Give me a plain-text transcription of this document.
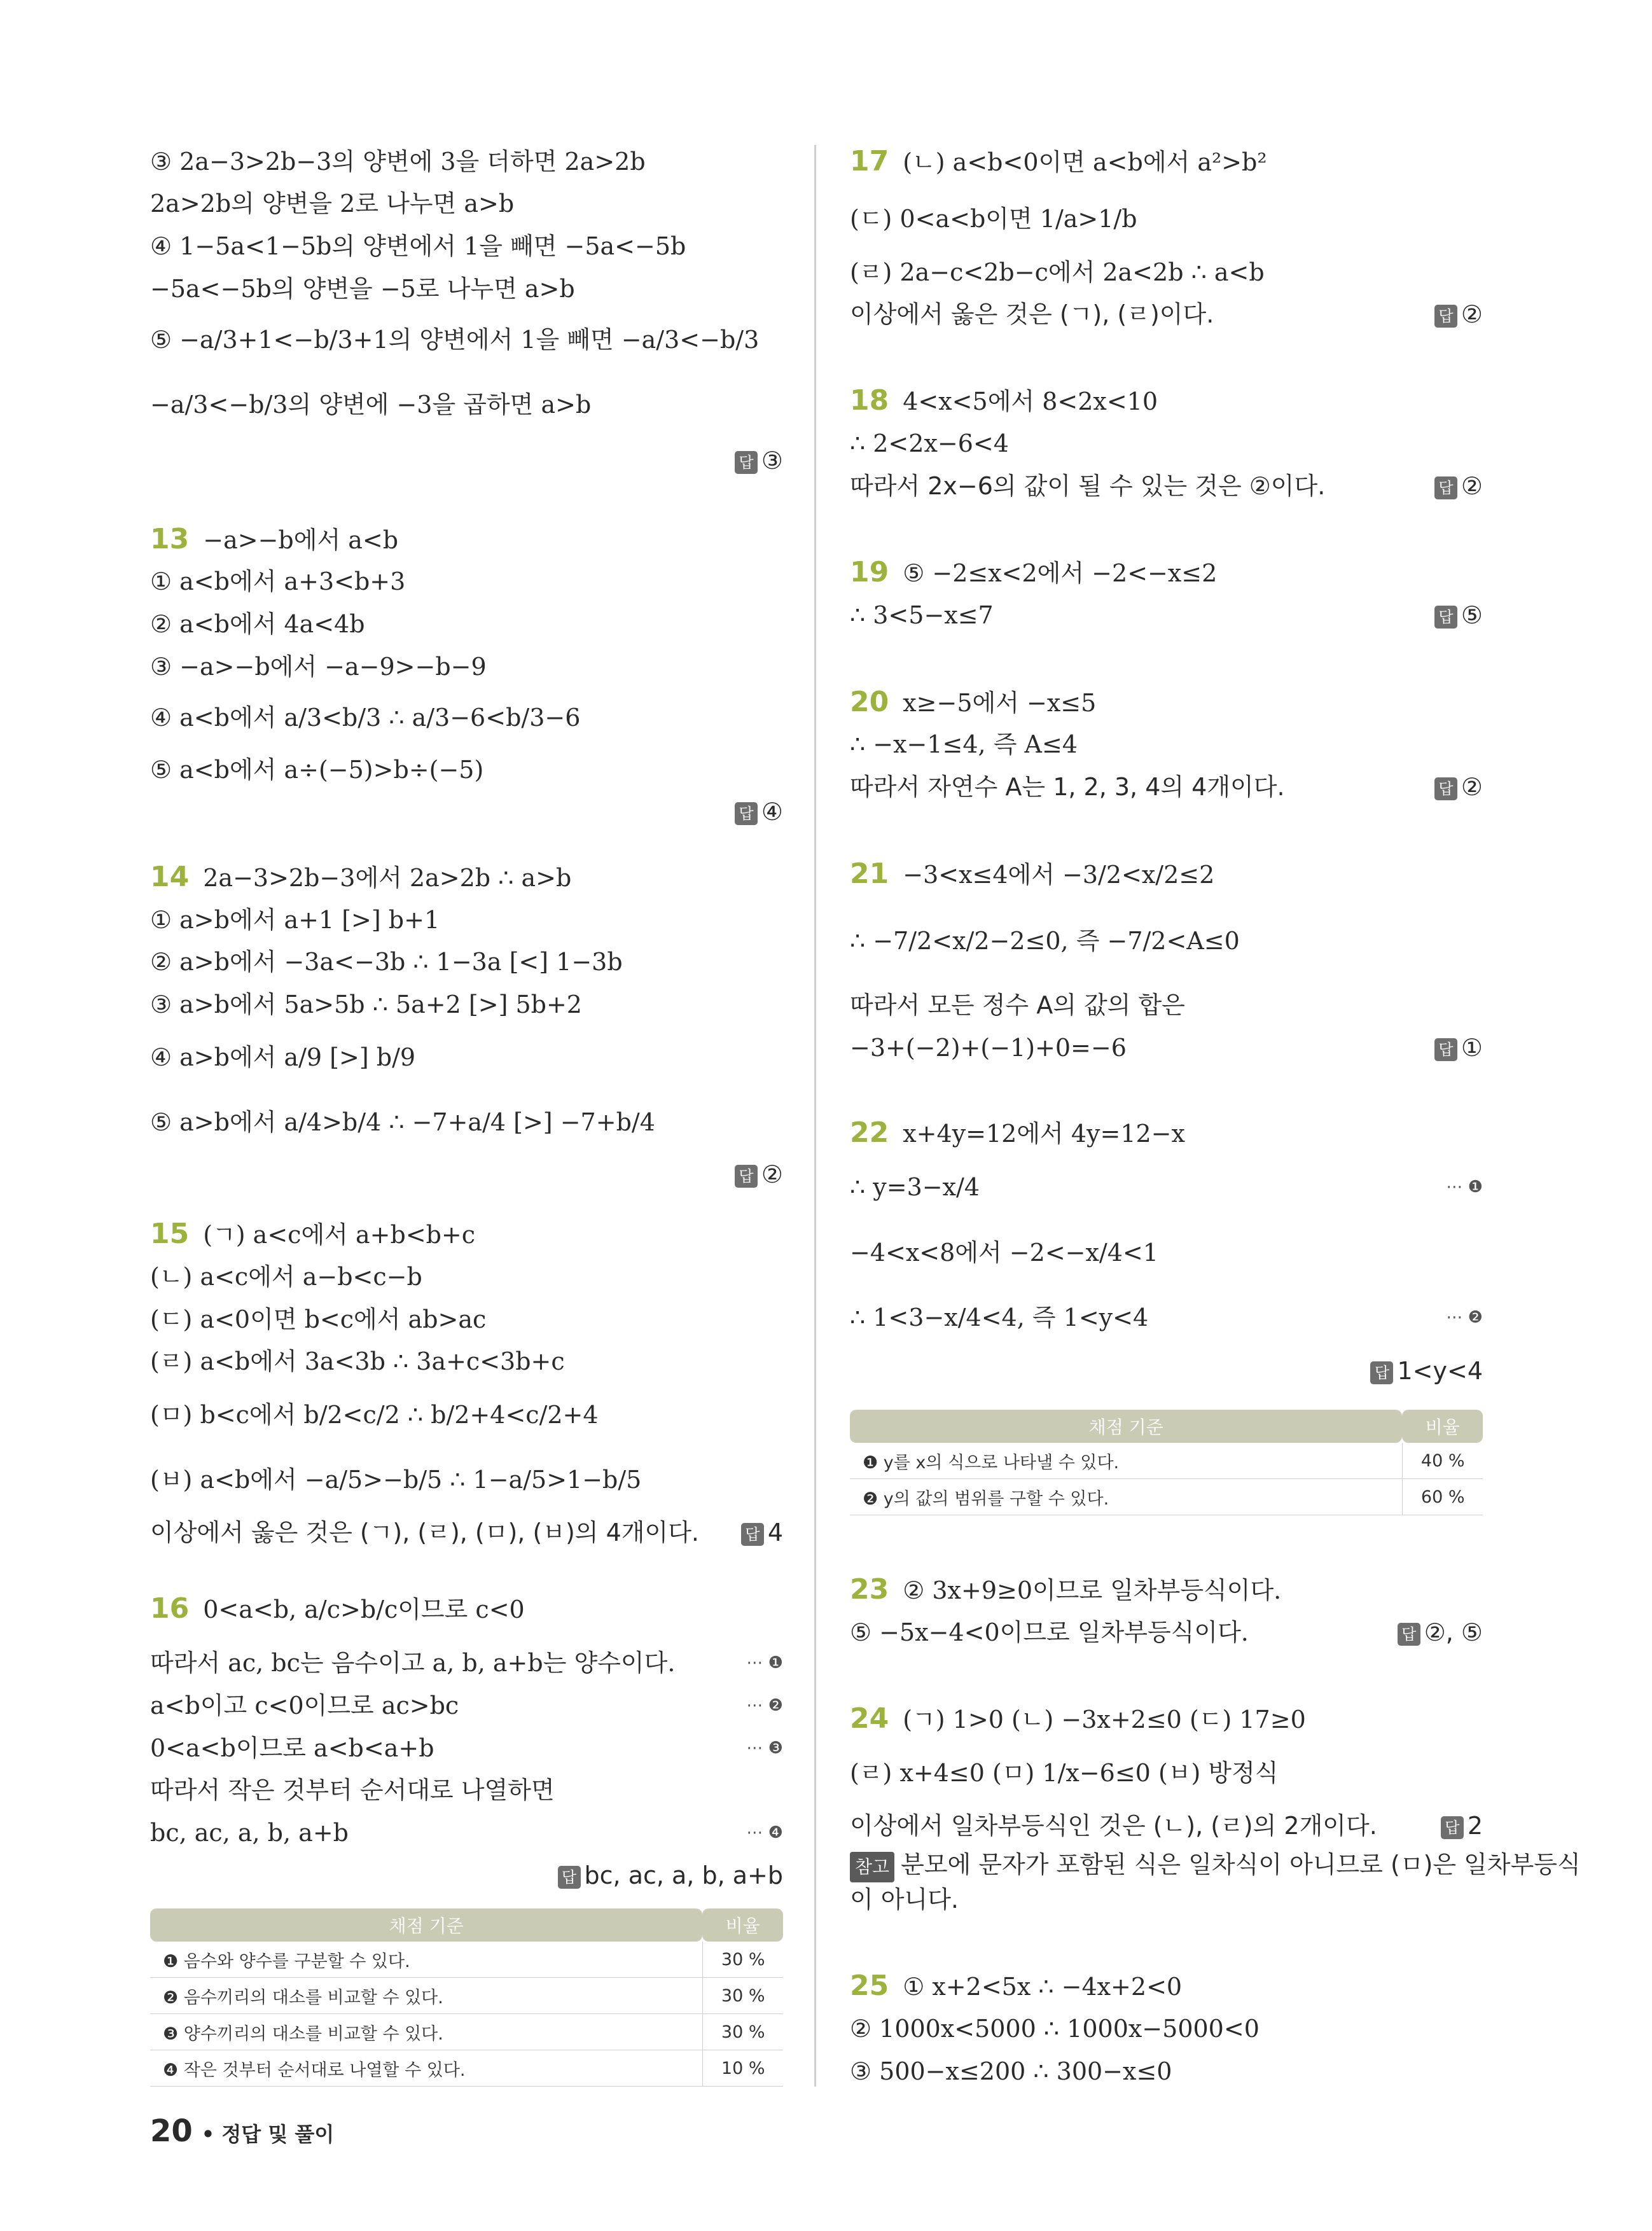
③ 2a−3>2b−3의 양변에 3을 더하면 2a>2b
2a>2b의 양변을 2로 나누면 a>b
④ 1−5a<1−5b의 양변에서 1을 빼면 −5a<−5b
−5a<−5b의 양변을 −5로 나누면 a>b
⑤ −a/3+1<−b/3+1의 양변에서 1을 빼면 −a/3<−b/3
−a/3<−b/3의 양변에 −3을 곱하면 a>b
13 −a>−b에서 a<b
① a<b에서 a+3<b+3
② a<b에서 4a<4b
③ −a>−b에서 −a−9>−b−9
④ a<b에서 a/3<b/3 ∴ a/3−6<b/3−6
⑤ a<b에서 a÷(−5)>b÷(−5)
14 2a−3>2b−3에서 2a>2b ∴ a>b
① a>b에서 a+1 [>] b+1
② a>b에서 −3a<−3b ∴ 1−3a [<] 1−3b
③ a>b에서 5a>5b ∴ 5a+2 [>] 5b+2
④ a>b에서 a/9 [>] b/9
⑤ a>b에서 a/4>b/4 ∴ −7+a/4 [>] −7+b/4
15 (ㄱ) a<c에서 a+b<b+c
(ㄴ) a<c에서 a−b<c−b
(ㄷ) a<0이면 b<c에서 ab>ac
(ㄹ) a<b에서 3a<3b ∴ 3a+c<3b+c
(ㅁ) b<c에서 b/2<c/2 ∴ b/2+4<c/2+4
(ㅂ) a<b에서 −a/5>−b/5 ∴ 1−a/5>1−b/5
이상에서 옳은 것은 (ㄱ), (ㄹ), (ㅁ), (ㅂ)의 4개이다.
16 0<a<b, a/c>b/c이므로 c<0
따라서 ac, bc는 음수이고 a, b, a+b는 양수이다.	⋯ ❶
a<b이고 c<0이므로 ac>bc	⋯ ❷
0<a<b이므로 a<b<a+b	⋯ ❸
따라서 작은 것부터 순서대로 나열하면
bc, ac, a, b, a+b	⋯ ❹
답 ③
답 ④
답 ②
답 4
답 bc, ac, a, b, a+b
채점 기준	비율
❶ 음수와 양수를 구분할 수 있다.	30 %
❷ 음수끼리의 대소를 비교할 수 있다.	30 %
❸ 양수끼리의 대소를 비교할 수 있다.	30 %
❹ 작은 것부터 순서대로 나열할 수 있다.	10 %
17 (ㄴ) a<b<0이면 a<b에서 a²>b²
(ㄷ) 0<a<b이면 1/a>1/b
(ㄹ) 2a−c<2b−c에서 2a<2b ∴ a<b
이상에서 옳은 것은 (ㄱ), (ㄹ)이다.
18 4<x<5에서 8<2x<10
∴ 2<2x−6<4
따라서 2x−6의 값이 될 수 있는 것은 ②이다.
19 ⑤ −2≤x<2에서 −2<−x≤2
∴ 3<5−x≤7
20 x≥−5에서 −x≤5
∴ −x−1≤4, 즉 A≤4
따라서 자연수 A는 1, 2, 3, 4의 4개이다.
21 −3<x≤4에서 −3/2<x/2≤2
∴ −7/2<x/2−2≤0, 즉 −7/2<A≤0
따라서 모든 정수 A의 값의 합은
−3+(−2)+(−1)+0=−6
22 x+4y=12에서 4y=12−x
∴ y=3−x/4	⋯ ❶
−4<x<8에서 −2<−x/4<1
∴ 1<3−x/4<4, 즉 1<y<4	⋯ ❷
23 ② 3x+9≥0이므로 일차부등식이다.
⑤ −5x−4<0이므로 일차부등식이다.
24 (ㄱ) 1>0 (ㄴ) −3x+2≤0 (ㄷ) 17≥0
(ㄹ) x+4≤0 (ㅁ) 1/x−6≤0 (ㅂ) 방정식
이상에서 일차부등식인 것은 (ㄴ), (ㄹ)의 2개이다.
참고 분모에 문자가 포함된 식은 일차식이 아니므로 (ㅁ)은 일차부등식
이 아니다.
25 ① x+2<5x ∴ −4x+2<0
② 1000x<5000 ∴ 1000x−5000<0
③ 500−x≤200 ∴ 300−x≤0
답 ②
답 ②
답 ⑤
답 ②
답 ①
답 1<y<4
답 ②, ⑤
답 2
채점 기준	비율
❶ y를 x의 식으로 나타낼 수 있다.	40 %
❷ y의 값의 범위를 구할 수 있다.	60 %
20 • 정답 및 풀이
